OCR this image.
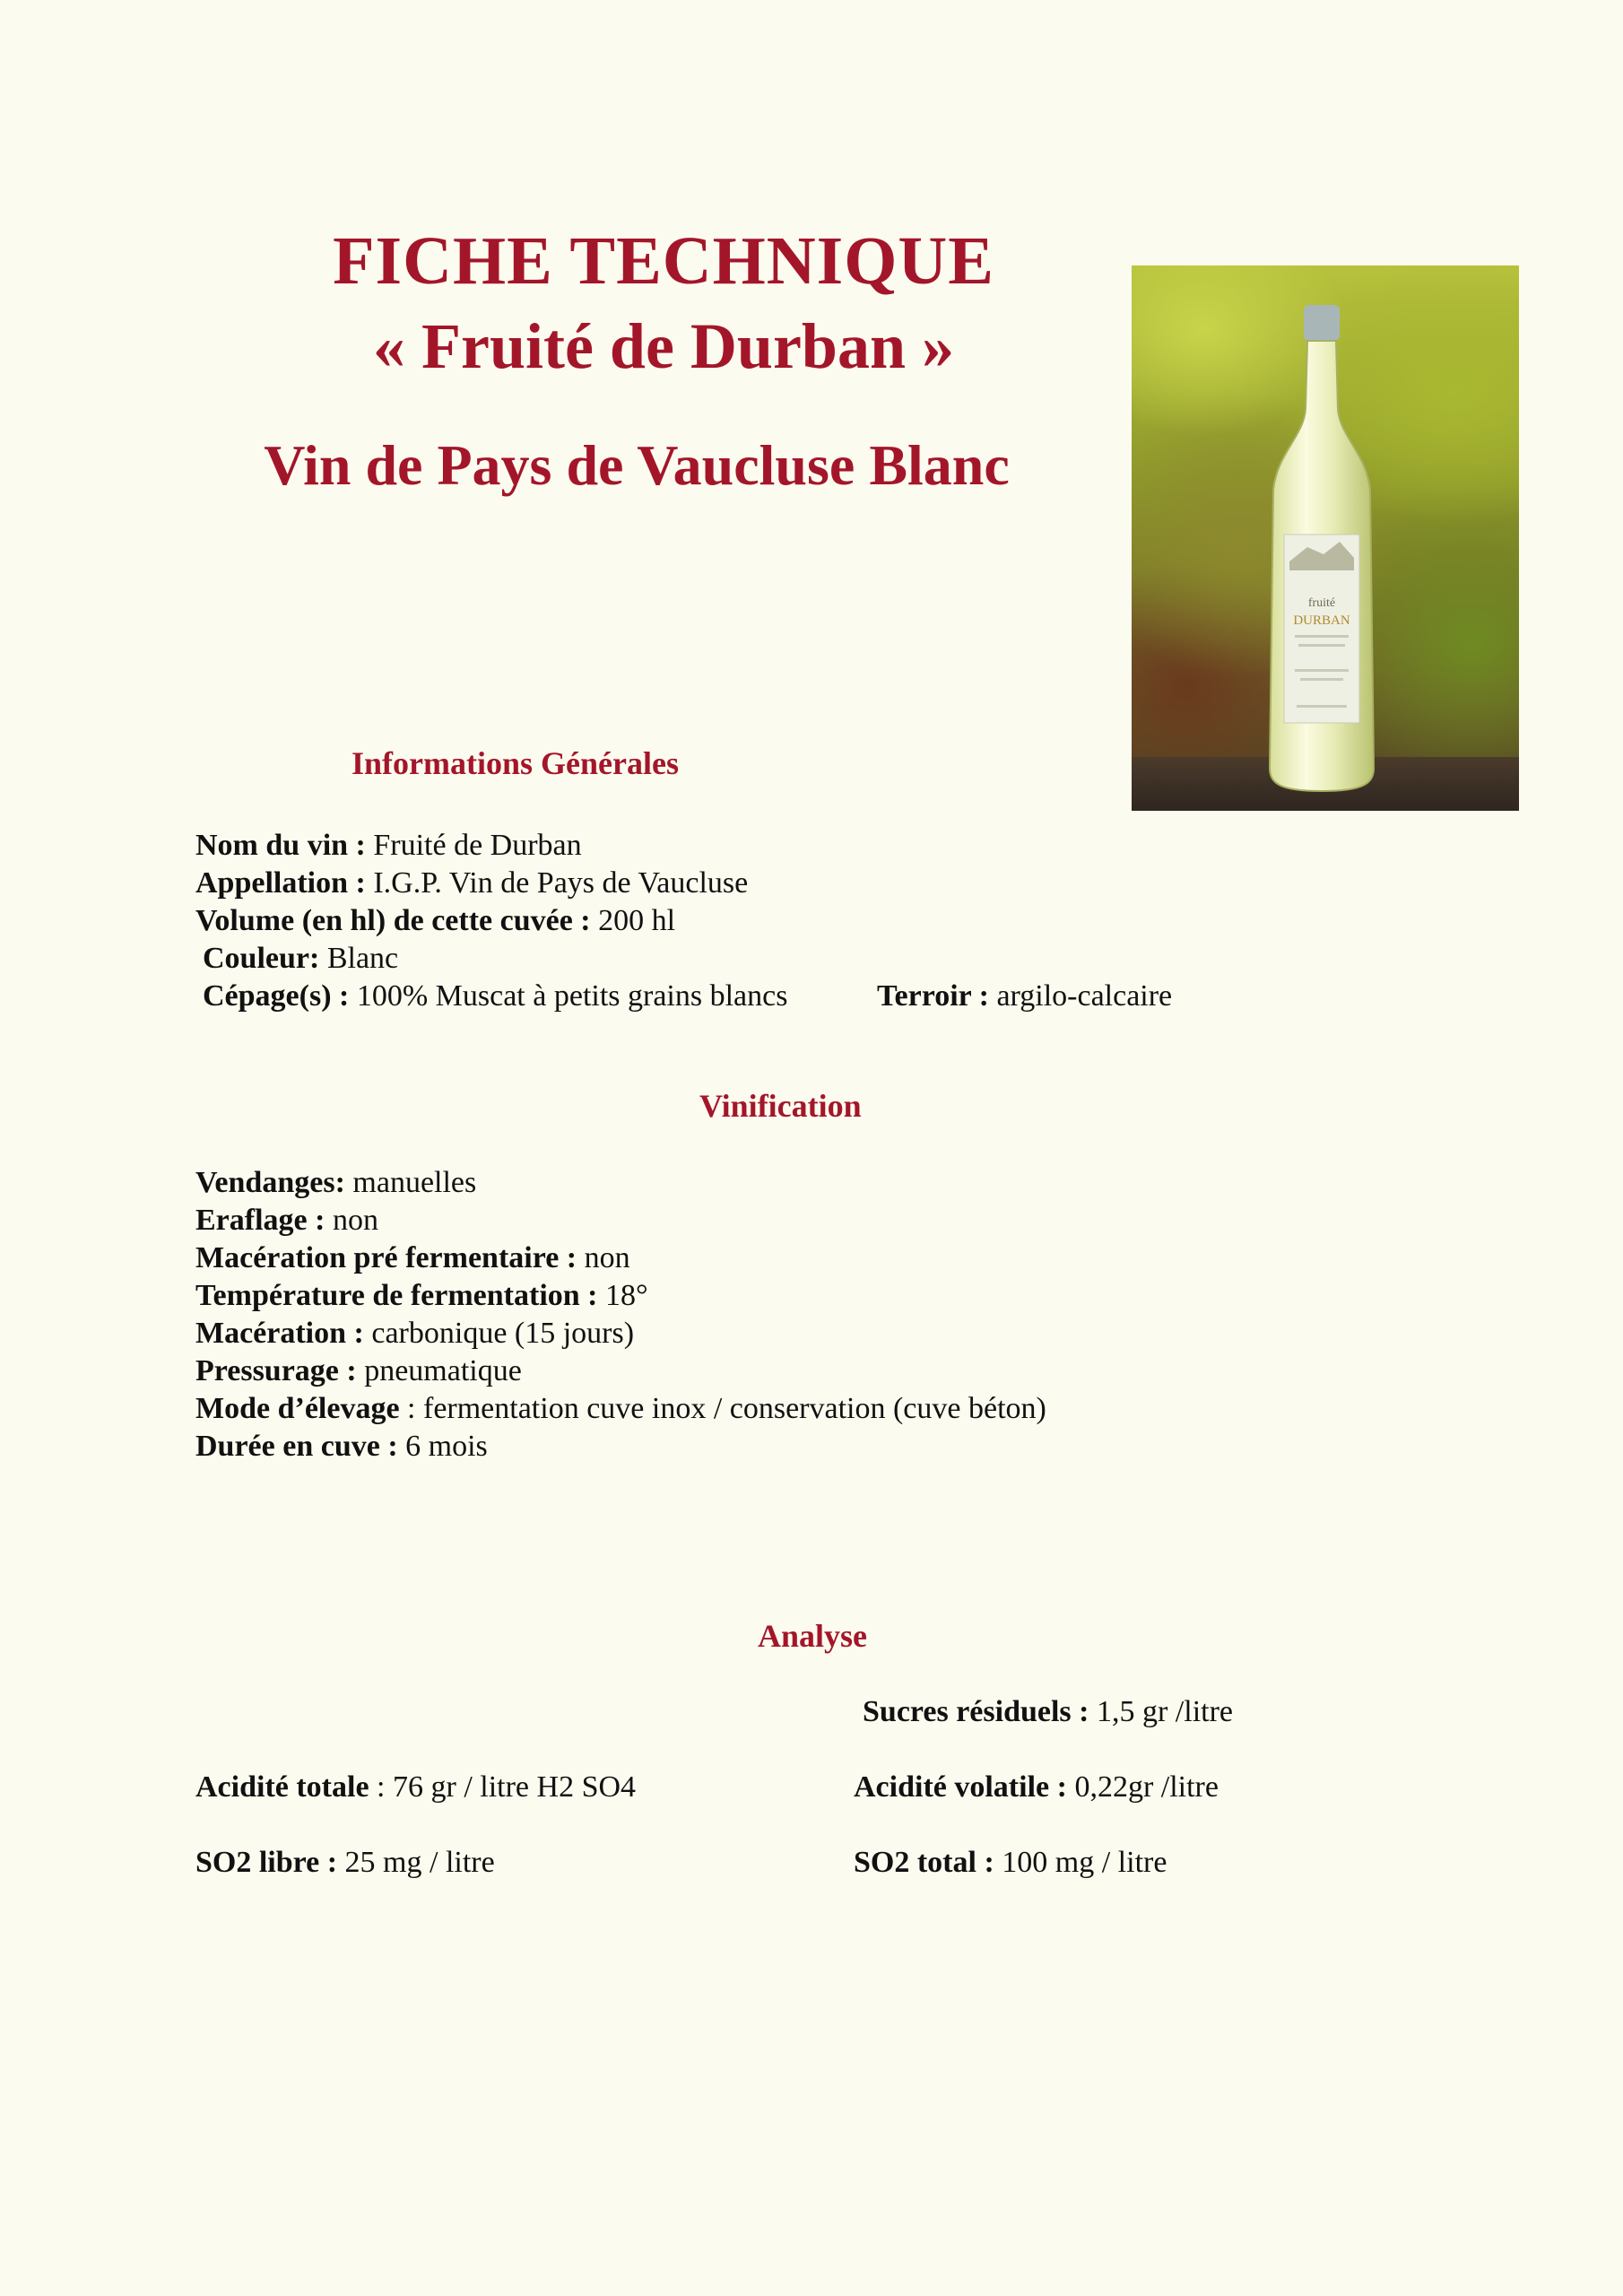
FICHE TECHNIQUE
« Fruité de Durban »
Vin de Pays de Vaucluse Blanc
fruité
DURBAN
Informations Générales
Nom du vin : Fruité de Durban
Appellation : I.G.P. Vin de Pays de Vaucluse
Volume (en hl) de cette cuvée : 200 hl
Couleur: Blanc
Cépage(s) : 100% Muscat à petits grains blancs	Terroir : argilo-calcaire
Vinification
Vendanges: manuelles
Eraflage : non
Macération pré fermentaire : non
Température de fermentation : 18°
Macération : carbonique (15 jours)
Pressurage : pneumatique
Mode d’élevage : fermentation cuve inox / conservation (cuve béton)
Durée en cuve : 6 mois
Analyse
Sucres résiduels : 1,5 gr /litre
Acidité totale : 76 gr / litre H2 SO4	Acidité volatile : 0,22gr /litre
SO2 libre : 25 mg / litre	SO2 total : 100 mg / litre
